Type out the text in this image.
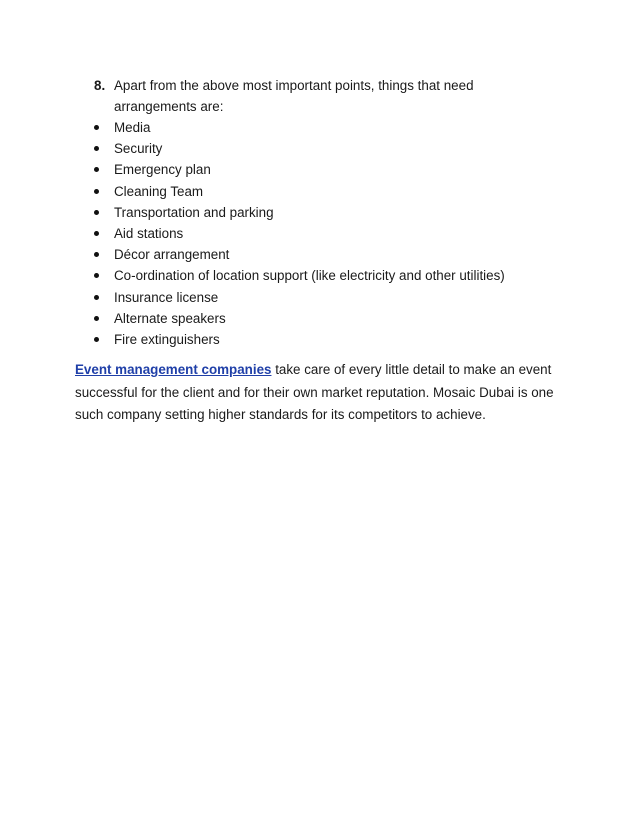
8. Apart from the above most important points, things that need arrangements are:
Media
Security
Emergency plan
Cleaning Team
Transportation and parking
Aid stations
Décor arrangement
Co-ordination of location support (like electricity and other utilities)
Insurance license
Alternate speakers
Fire extinguishers

Event management companies take care of every little detail to make an event successful for the client and for their own market reputation. Mosaic Dubai is one such company setting higher standards for its competitors to achieve.
